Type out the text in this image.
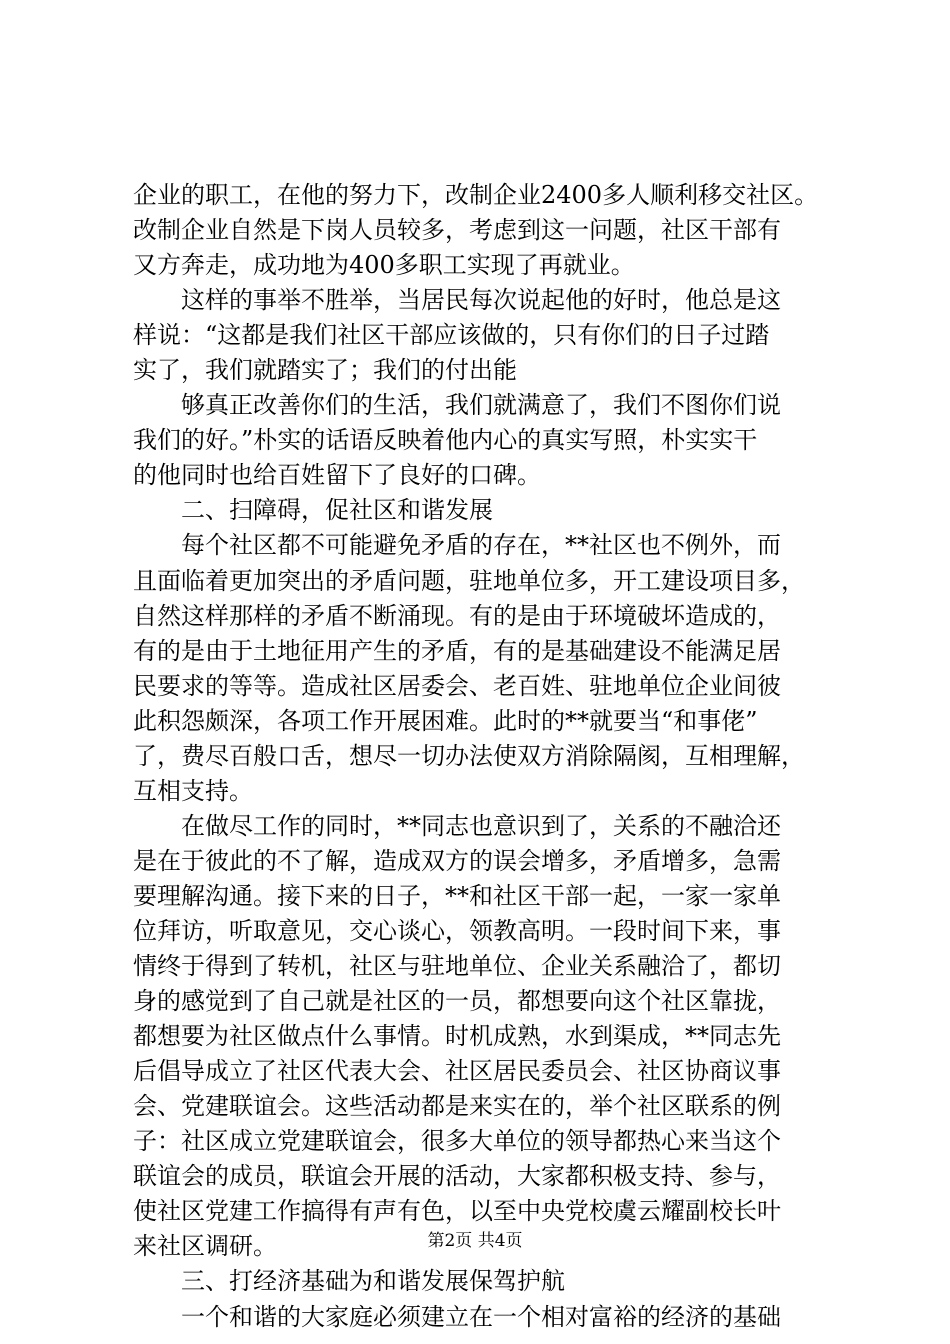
企业的职工，在他的努力下，改制企业2400多人顺利移交社区。
改制企业自然是下岗人员较多，考虑到这一问题，社区干部有
又方奔走，成功地为400多职工实现了再就业。
　　这样的事举不胜举，当居民每次说起他的好时，他总是这
样说：“这都是我们社区干部应该做的，只有你们的日子过踏
实了，我们就踏实了；我们的付出能
　　够真正改善你们的生活，我们就满意了，我们不图你们说
我们的好。”朴实的话语反映着他内心的真实写照，朴实实干
的他同时也给百姓留下了良好的口碑。
　　二、扫障碍，促社区和谐发展
　　每个社区都不可能避免矛盾的存在，**社区也不例外，而
且面临着更加突出的矛盾问题，驻地单位多，开工建设项目多，
自然这样那样的矛盾不断涌现。有的是由于环境破坏造成的，
有的是由于土地征用产生的矛盾，有的是基础建设不能满足居
民要求的等等。造成社区居委会、老百姓、驻地单位企业间彼
此积怨颇深，各项工作开展困难。此时的**就要当“和事佬”
了，费尽百般口舌，想尽一切办法使双方消除隔阂，互相理解，
互相支持。
　　在做尽工作的同时，**同志也意识到了，关系的不融洽还
是在于彼此的不了解，造成双方的误会增多，矛盾增多，急需
要理解沟通。接下来的日子，**和社区干部一起，一家一家单
位拜访，听取意见，交心谈心，领教高明。一段时间下来，事
情终于得到了转机，社区与驻地单位、企业关系融洽了，都切
身的感觉到了自己就是社区的一员，都想要向这个社区靠拢，
都想要为社区做点什么事情。时机成熟，水到渠成，**同志先
后倡导成立了社区代表大会、社区居民委员会、社区协商议事
会、党建联谊会。这些活动都是来实在的，举个社区联系的例
子：社区成立党建联谊会，很多大单位的领导都热心来当这个
联谊会的成员，联谊会开展的活动，大家都积极支持、参与，
使社区党建工作搞得有声有色，以至中央党校虞云耀副校长叶
来社区调研。
　　三、打经济基础为和谐发展保驾护航
　　一个和谐的大家庭必须建立在一个相对富裕的经济的基础
第2页 共4页
